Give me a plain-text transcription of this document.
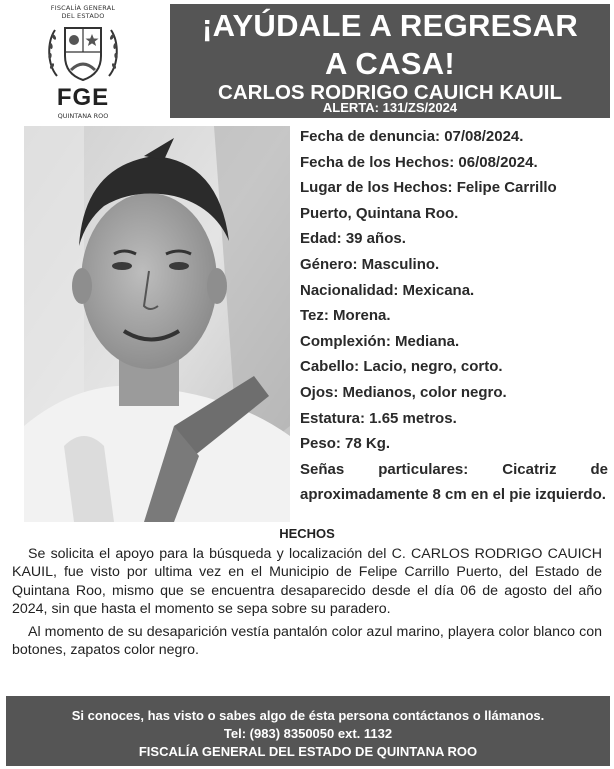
FISCALÍA GENERAL
DEL ESTADO
FGE
QUINTANA ROO
¡AYÚDALE A REGRESAR
A CASA!
CARLOS RODRIGO CAUICH KAUIL
ALERTA: 131/ZS/2024
Fecha de denuncia: 07/08/2024.
Fecha de los Hechos: 06/08/2024.
Lugar de los Hechos: Felipe Carrillo
Puerto, Quintana Roo.
Edad: 39 años.
Género: Masculino.
Nacionalidad: Mexicana.
Tez: Morena.
Complexión: Mediana.
Cabello: Lacio, negro, corto.
Ojos: Medianos, color negro.
Estatura: 1.65 metros.
Peso: 78 Kg.
Señas particulares: Cicatriz de aproximadamente 8 cm en el pie izquierdo.
HECHOS
Se solicita el apoyo para la búsqueda y localización del C. CARLOS RODRIGO CAUICH KAUIL, fue visto por ultima vez en el Municipio de Felipe Carrillo Puerto, del Estado de Quintana Roo, mismo que se encuentra desaparecido desde el día 06 de agosto del año 2024, sin que hasta el momento se sepa sobre su paradero.
Al momento de su desaparición vestía pantalón color azul marino, playera color blanco con botones, zapatos color negro.
Si conoces, has visto o sabes algo de ésta persona contáctanos o llámanos.
Tel: (983) 8350050 ext. 1132
FISCALÍA GENERAL DEL ESTADO DE QUINTANA ROO
